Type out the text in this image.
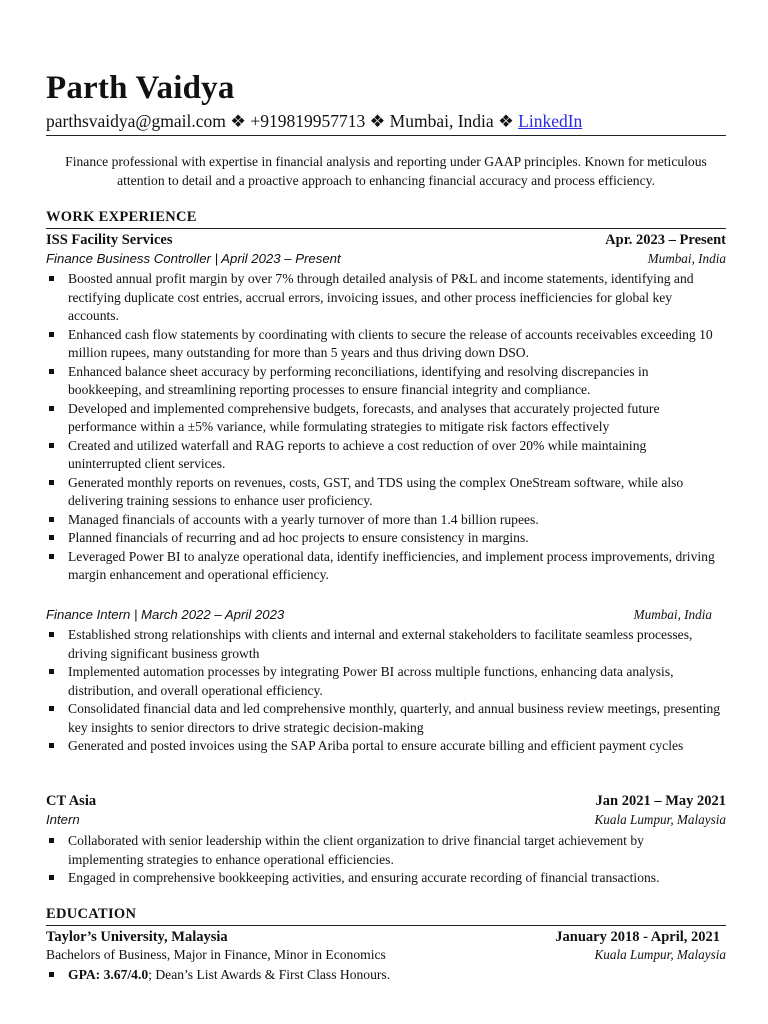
Parth Vaidya
parthsvaidya@gmail.com ❖ +919819957713 ❖ Mumbai, India ❖ LinkedIn
Finance professional with expertise in financial analysis and reporting under GAAP principles. Known for meticulous attention to detail and a proactive approach to enhancing financial accuracy and process efficiency.
WORK EXPERIENCE
ISS Facility Services	Apr. 2023 – Present
Finance Business Controller | April 2023 – Present	Mumbai, India
Boosted annual profit margin by over 7% through detailed analysis of P&L and income statements, identifying and rectifying duplicate cost entries, accrual errors, invoicing issues, and other process inefficiencies for global key accounts.
Enhanced cash flow statements by coordinating with clients to secure the release of accounts receivables exceeding 10 million rupees, many outstanding for more than 5 years and thus driving down DSO.
Enhanced balance sheet accuracy by performing reconciliations, identifying and resolving discrepancies in bookkeeping, and streamlining reporting processes to ensure financial integrity and compliance.
Developed and implemented comprehensive budgets, forecasts, and analyses that accurately projected future performance within a ±5% variance, while formulating strategies to mitigate risk factors effectively
Created and utilized waterfall and RAG reports to achieve a cost reduction of over 20% while maintaining uninterrupted client services.
Generated monthly reports on revenues, costs, GST, and TDS using the complex OneStream software, while also delivering training sessions to enhance user proficiency.
Managed financials of accounts with a yearly turnover of more than 1.4 billion rupees.
Planned financials of recurring and ad hoc projects to ensure consistency in margins.
Leveraged Power BI to analyze operational data, identify inefficiencies, and implement process improvements, driving margin enhancement and operational efficiency.
Finance Intern | March 2022 – April 2023	Mumbai, India
Established strong relationships with clients and internal and external stakeholders to facilitate seamless processes, driving significant business growth
Implemented automation processes by integrating Power BI across multiple functions, enhancing data analysis, distribution, and overall operational efficiency.
Consolidated financial data and led comprehensive monthly, quarterly, and annual business review meetings, presenting key insights to senior directors to drive strategic decision-making
Generated and posted invoices using the SAP Ariba portal to ensure accurate billing and efficient payment cycles
CT Asia	Jan 2021 – May 2021
Intern	Kuala Lumpur, Malaysia
Collaborated with senior leadership within the client organization to drive financial target achievement by implementing strategies to enhance operational efficiencies.
Engaged in comprehensive bookkeeping activities, and ensuring accurate recording of financial transactions.
EDUCATION
Taylor’s University, Malaysia	January 2018 - April, 2021
Bachelors of Business, Major in Finance, Minor in Economics	Kuala Lumpur, Malaysia
GPA: 3.67/4.0; Dean’s List Awards & First Class Honours.
